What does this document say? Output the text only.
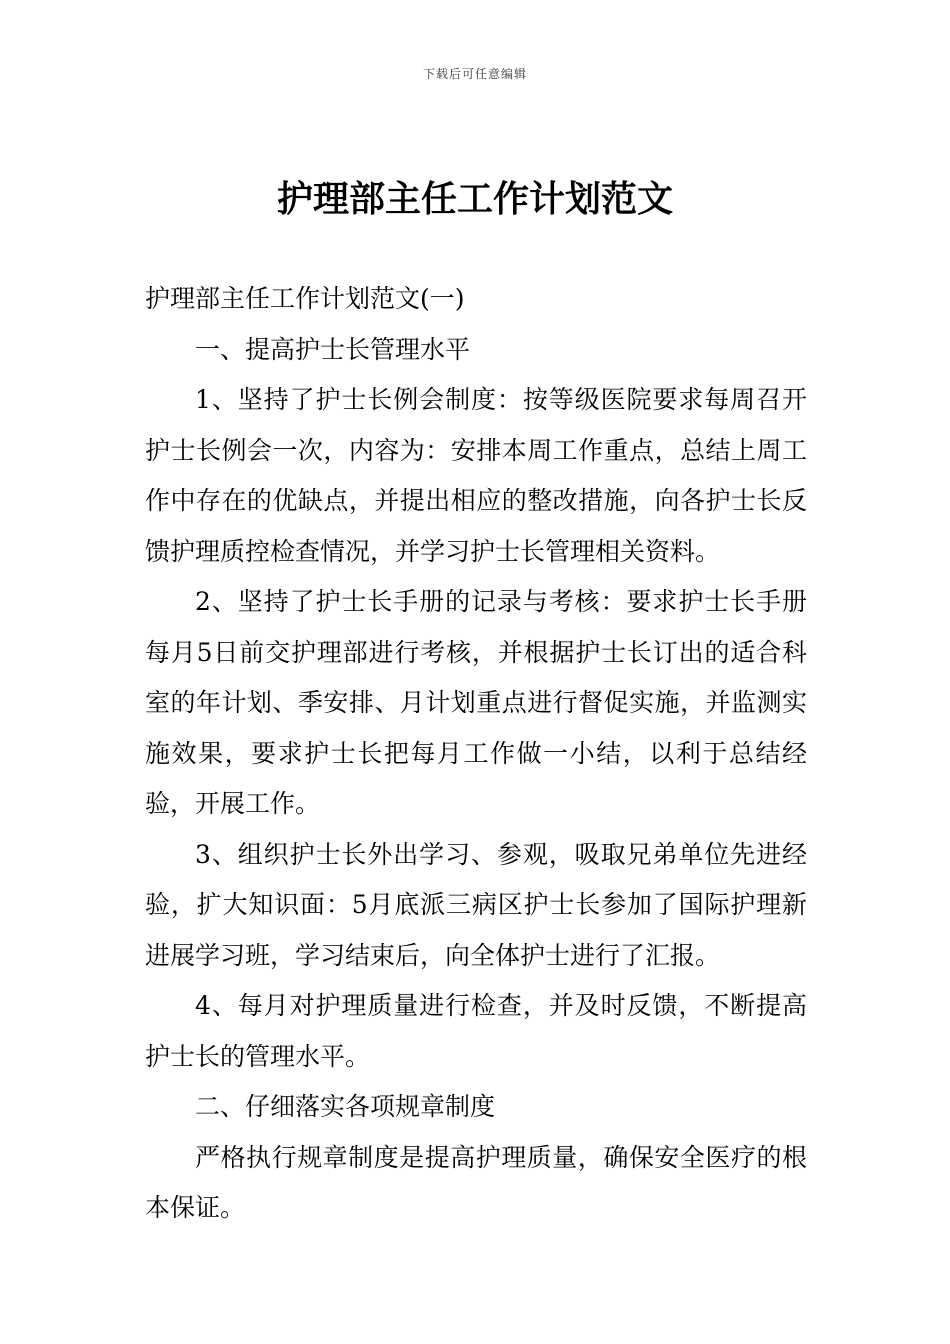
下载后可任意编辑
护理部主任工作计划范文

护理部主任工作计划范文(一)

一、提高护士长管理水平

1、坚持了护士长例会制度：按等级医院要求每周召开护士长例会一次，内容为：安排本周工作重点，总结上周工作中存在的优缺点，并提出相应的整改措施，向各护士长反馈护理质控检查情况，并学习护士长管理相关资料。

2、坚持了护士长手册的记录与考核：要求护士长手册每月5日前交护理部进行考核，并根据护士长订出的适合科室的年计划、季安排、月计划重点进行督促实施，并监测实施效果，要求护士长把每月工作做一小结，以利于总结经验，开展工作。

3、组织护士长外出学习、参观，吸取兄弟单位先进经验，扩大知识面：5月底派三病区护士长参加了国际护理新进展学习班，学习结束后，向全体护士进行了汇报。

4、每月对护理质量进行检查，并及时反馈，不断提高护士长的管理水平。

二、仔细落实各项规章制度

严格执行规章制度是提高护理质量，确保安全医疗的根本保证。
